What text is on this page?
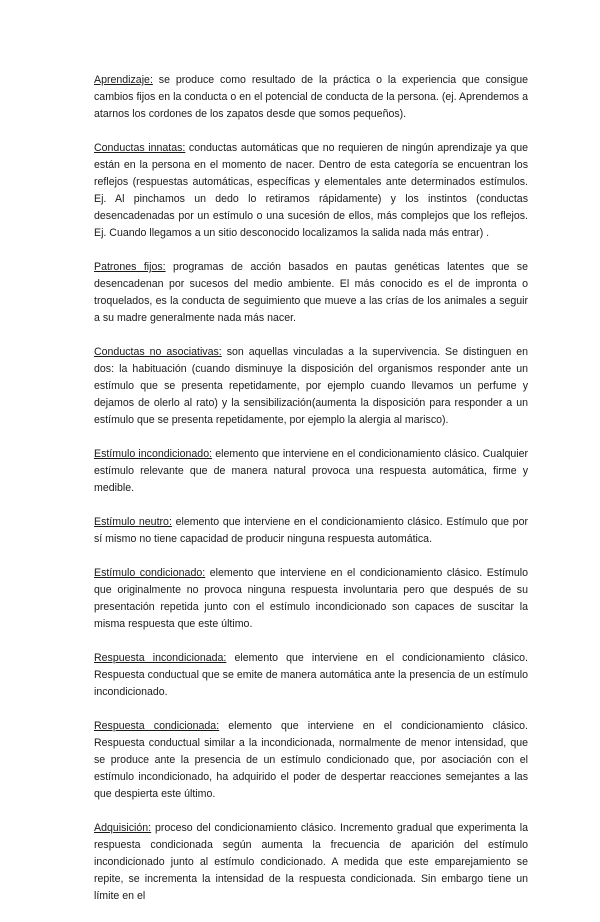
Aprendizaje: se produce como resultado de la práctica o la experiencia que consigue cambios fijos en la conducta o en el potencial de conducta de la persona. (ej. Aprendemos a atarnos los cordones de los zapatos desde que somos pequeños).

Conductas innatas: conductas automáticas que no requieren de ningún aprendizaje ya que están en la persona en el momento de nacer. Dentro de esta categoría se encuentran los reflejos (respuestas automáticas, específicas y elementales ante determinados estímulos. Ej. Al pinchamos un dedo lo retiramos rápidamente) y los instintos (conductas desencadenadas por un estímulo o una sucesión de ellos, más complejos que los reflejos. Ej. Cuando llegamos a un sitio desconocido localizamos la salida nada más entrar) .

Patrones fijos: programas de acción basados en pautas genéticas latentes que se desencadenan por sucesos del medio ambiente. El más conocido es el de impronta o troquelados, es la conducta de seguimiento que mueve a las crías de los animales a seguir a su madre generalmente nada más nacer.

Conductas no asociativas: son aquellas vinculadas a la supervivencia. Se distinguen en dos: la habituación (cuando disminuye la disposición del organismos responder ante un estímulo que se presenta repetidamente, por ejemplo cuando llevamos un perfume y dejamos de olerlo al rato) y la sensibilización(aumenta la disposición para responder a un estímulo que se presenta repetidamente, por ejemplo la alergia al marisco).

Estímulo incondicionado: elemento que interviene en el condicionamiento clásico. Cualquier estímulo relevante que de manera natural provoca una respuesta automática, firme y medible.

Estímulo neutro: elemento que interviene en el condicionamiento clásico. Estímulo que por sí mismo no tiene capacidad de producir ninguna respuesta automática.

Estímulo condicionado: elemento que interviene en el condicionamiento clásico. Estímulo que originalmente no provoca ninguna respuesta involuntaria pero que después de su presentación repetida junto con el estímulo incondicionado son capaces de suscitar la misma respuesta que este último.

Respuesta incondicionada: elemento que interviene en el condicionamiento clásico. Respuesta conductual que se emite de manera automática ante la presencia de un estímulo incondicionado.

Respuesta condicionada: elemento que interviene en el condicionamiento clásico. Respuesta conductual similar a la incondicionada, normalmente de menor intensidad, que se produce ante la presencia de un estímulo condicionado que, por asociación con el estímulo incondicionado, ha adquirido el poder de despertar reacciones semejantes a las que despierta este último.

Adquisición: proceso del condicionamiento clásico. Incremento gradual que experimenta la respuesta condicionada según aumenta la frecuencia de aparición del estímulo incondicionado junto al estímulo condicionado. A medida que este emparejamiento se repite, se incrementa la intensidad de la respuesta condicionada. Sin embargo tiene un límite en el
